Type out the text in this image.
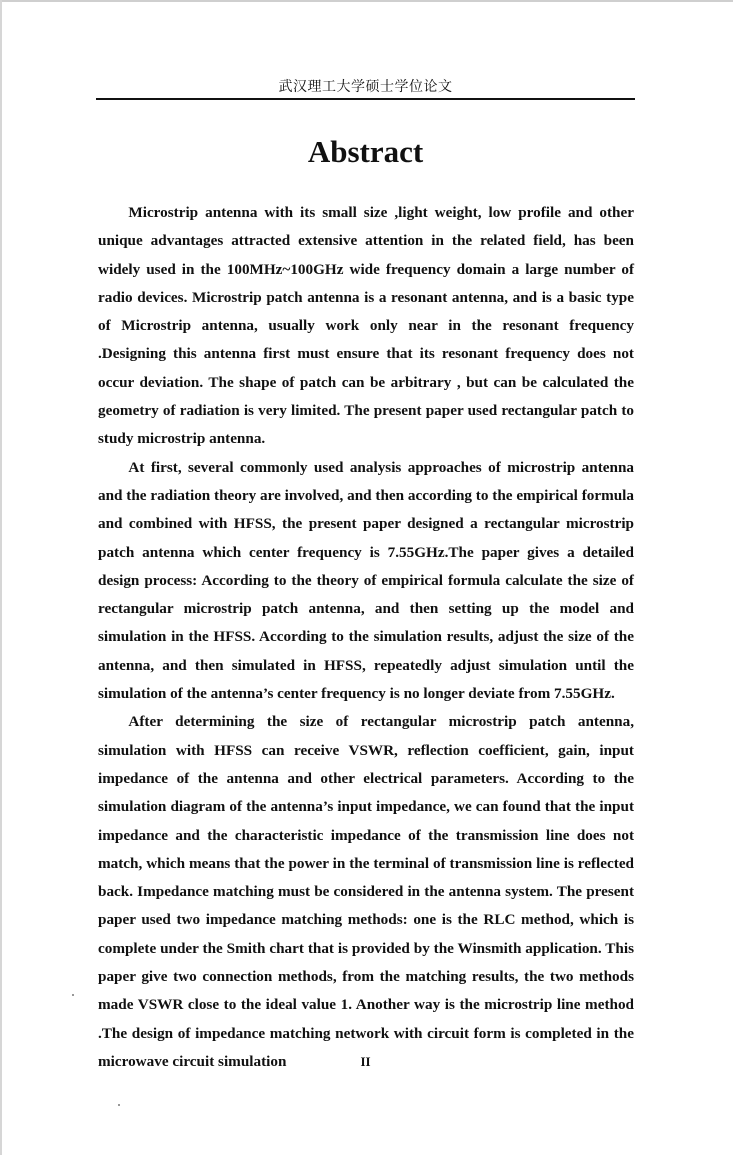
武汉理工大学硕士学位论文
Abstract

Microstrip antenna with its small size ,light weight, low profile and other unique advantages attracted extensive attention in the related field, has been widely used in the 100MHz~100GHz wide frequency domain a large number of radio devices. Microstrip patch antenna is a resonant antenna, and is a basic type of Microstrip antenna, usually work only near in the resonant frequency .Designing this antenna first must ensure that its resonant frequency does not occur deviation. The shape of patch can be arbitrary , but can be calculated the geometry of radiation is very limited. The present paper used rectangular patch to study microstrip antenna.

At first, several commonly used analysis approaches of microstrip antenna and the radiation theory are involved, and then according to the empirical formula and combined with HFSS, the present paper designed a rectangular microstrip patch antenna which center frequency is 7.55GHz.The paper gives a detailed design process: According to the theory of empirical formula calculate the size of rectangular microstrip patch antenna, and then setting up the model and simulation in the HFSS. According to the simulation results, adjust the size of the antenna, and then simulated in HFSS, repeatedly adjust simulation until the simulation of the antenna’s center frequency is no longer deviate from 7.55GHz.

After determining the size of rectangular microstrip patch antenna, simulation with HFSS can receive VSWR, reflection coefficient, gain, input impedance of the antenna and other electrical parameters. According to the simulation diagram of the antenna’s input impedance, we can found that the input impedance and the characteristic impedance of the transmission line does not match, which means that the power in the terminal of transmission line is reflected back. Impedance matching must be considered in the antenna system. The present paper used two impedance matching methods: one is the RLC method, which is complete under the Smith chart that is provided by the Winsmith application. This paper give two connection methods, from the matching results, the two methods made VSWR close to the ideal value 1. Another way is the microstrip line method .The design of impedance matching network with circuit form is completed in the microwave circuit simulation	II
